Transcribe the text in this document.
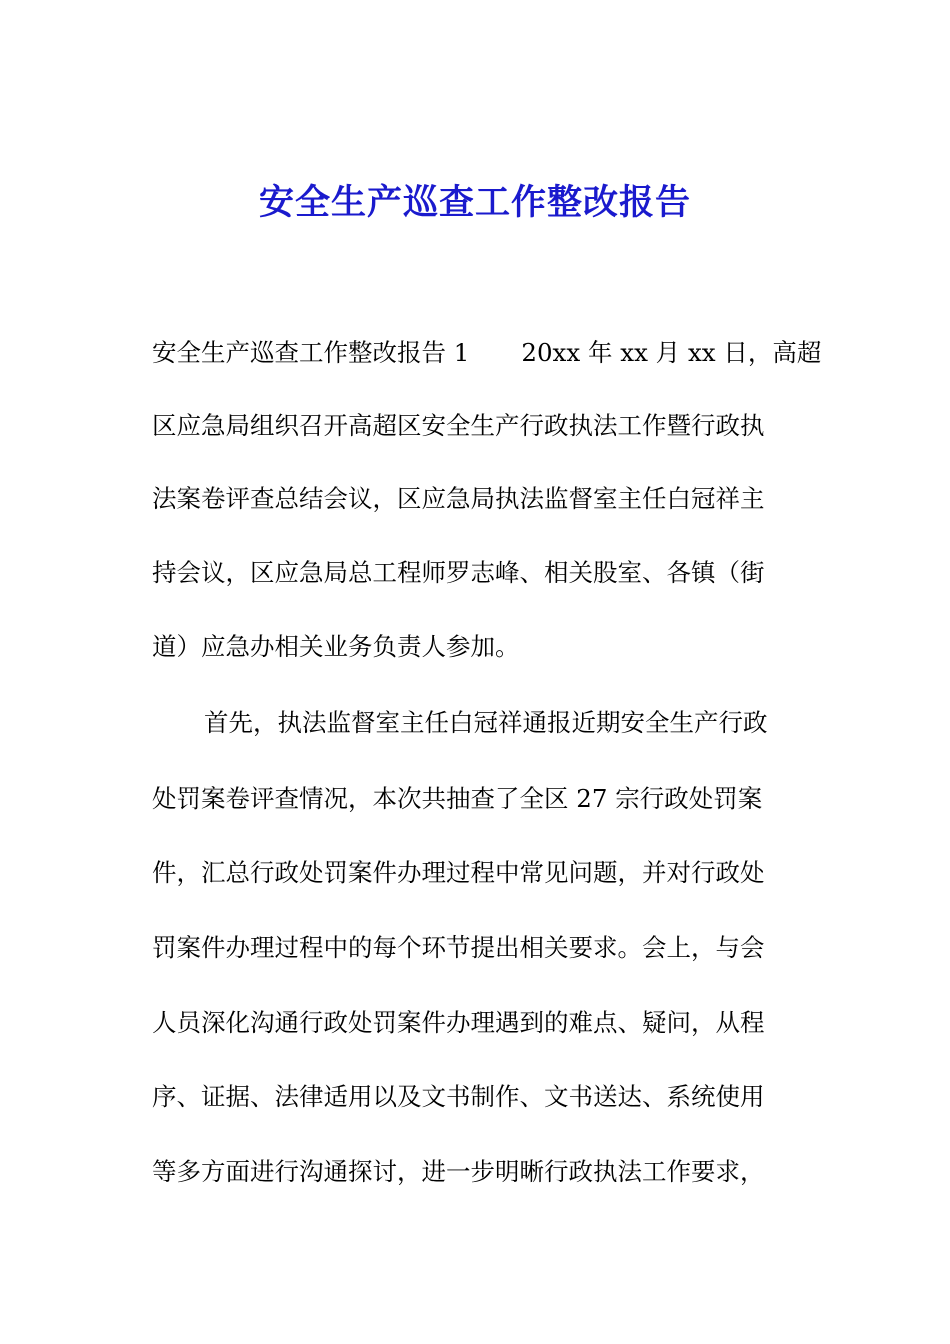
安全生产巡查工作整改报告

安全生产巡查工作整改报告 1 20xx 年 xx 月 xx 日，高超

区应急局组织召开高超区安全生产行政执法工作暨行政执

法案卷评查总结会议，区应急局执法监督室主任白冠祥主

持会议，区应急局总工程师罗志峰、相关股室、各镇（街

道）应急办相关业务负责人参加。

首先，执法监督室主任白冠祥通报近期安全生产行政

处罚案卷评查情况，本次共抽查了全区 27 宗行政处罚案

件，汇总行政处罚案件办理过程中常见问题，并对行政处

罚案件办理过程中的每个环节提出相关要求。会上，与会

人员深化沟通行政处罚案件办理遇到的难点、疑问，从程

序、证据、法律适用以及文书制作、文书送达、系统使用

等多方面进行沟通探讨，进一步明晰行政执法工作要求，
